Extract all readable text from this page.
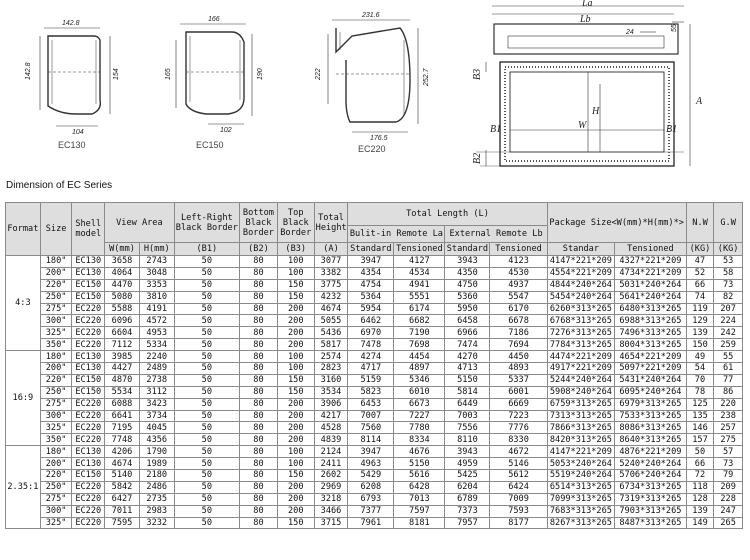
142.8
142.8	154
104
EC130
166
165	190
102
EC150
231.6
222	252.7
176.5
EC220
La
Lb
55
24
B3
H
W
B1	B1
B2
A
Dimension of EC Series
Format	Size	Shell model	View Area		Left-Right Black Border	Bottom Black Border	Top Black Border	Total Height	Total Length (L)				Package Size<W(mm)*H(mm)*>		N.W	G.W
									Bulit-in Remote La		External Remote Lb					
			W(mm)	H(mm)	(B1)	(B2)	(B3)	(A)	Standard	Tensioned	Standard	Tensioned	Standar	Tensioned	(KG)	(KG)
4:3	180"	EC130	3658	2743	50	80	100	3077	3947	4127	3943	4123	4147*221*209	4327*221*209	47	53
	200"	EC130	4064	3048	50	80	100	3382	4354	4534	4350	4530	4554*221*209	4734*221*209	52	58
	220"	EC150	4470	3353	50	80	150	3775	4754	4941	4750	4937	4844*240*264	5031*240*264	66	73
	250"	EC150	5080	3810	50	80	150	4232	5364	5551	5360	5547	5454*240*264	5641*240*264	74	82
	275"	EC220	5588	4191	50	80	200	4674	5954	6174	5950	6170	6260*313*265	6480*313*265	119	207
	300"	EC220	6096	4572	50	80	200	5055	6462	6682	6458	6678	6768*313*265	6988*313*265	129	224
	325"	EC220	6604	4953	50	80	200	5436	6970	7190	6966	7186	7276*313*265	7496*313*265	139	242
	350"	EC220	7112	5334	50	80	200	5817	7478	7698	7474	7694	7784*313*265	8004*313*265	150	259
16:9	180"	EC130	3985	2240	50	80	100	2574	4274	4454	4270	4450	4474*221*209	4654*221*209	49	55
	200"	EC130	4427	2489	50	80	100	2823	4717	4897	4713	4893	4917*221*209	5097*221*209	54	61
	220"	EC150	4870	2738	50	80	150	3160	5159	5346	5150	5337	5244*240*264	5431*240*264	70	77
	250"	EC150	5534	3112	50	80	150	3534	5823	6010	5814	6001	5908*240*264	6095*240*264	78	86
	275"	EC220	6088	3423	50	80	200	3906	6453	6673	6449	6669	6759*313*265	6979*313*265	125	220
	300"	EC220	6641	3734	50	80	200	4217	7007	7227	7003	7223	7313*313*265	7533*313*265	135	238
	325"	EC220	7195	4045	50	80	200	4528	7560	7780	7556	7776	7866*313*265	8086*313*265	146	257
	350"	EC220	7748	4356	50	80	200	4839	8114	8334	8110	8330	8420*313*265	8640*313*265	157	275
2.35:1	180"	EC130	4206	1790	50	80	100	2124	3947	4676	3943	4672	4147*221*209	4876*221*209	50	57
	200"	EC130	4674	1989	50	80	100	2411	4963	5150	4959	5146	5053*240*264	5240*240*264	66	73
	220"	EC150	5140	2180	50	80	150	2602	5429	5616	5425	5612	5519*240*264	5706*240*264	72	79
	250"	EC220	5842	2486	50	80	200	2969	6208	6428	6204	6424	6514*313*265	6734*313*265	118	209
	275"	EC220	6427	2735	50	80	200	3218	6793	7013	6789	7009	7099*313*265	7319*313*265	128	228
	300"	EC220	7011	2983	50	80	200	3466	7377	7597	7373	7593	7683*313*265	7903*313*265	139	247
	325"	EC220	7595	3232	50	80	150	3715	7961	8181	7957	8177	8267*313*265	8487*313*265	149	265
